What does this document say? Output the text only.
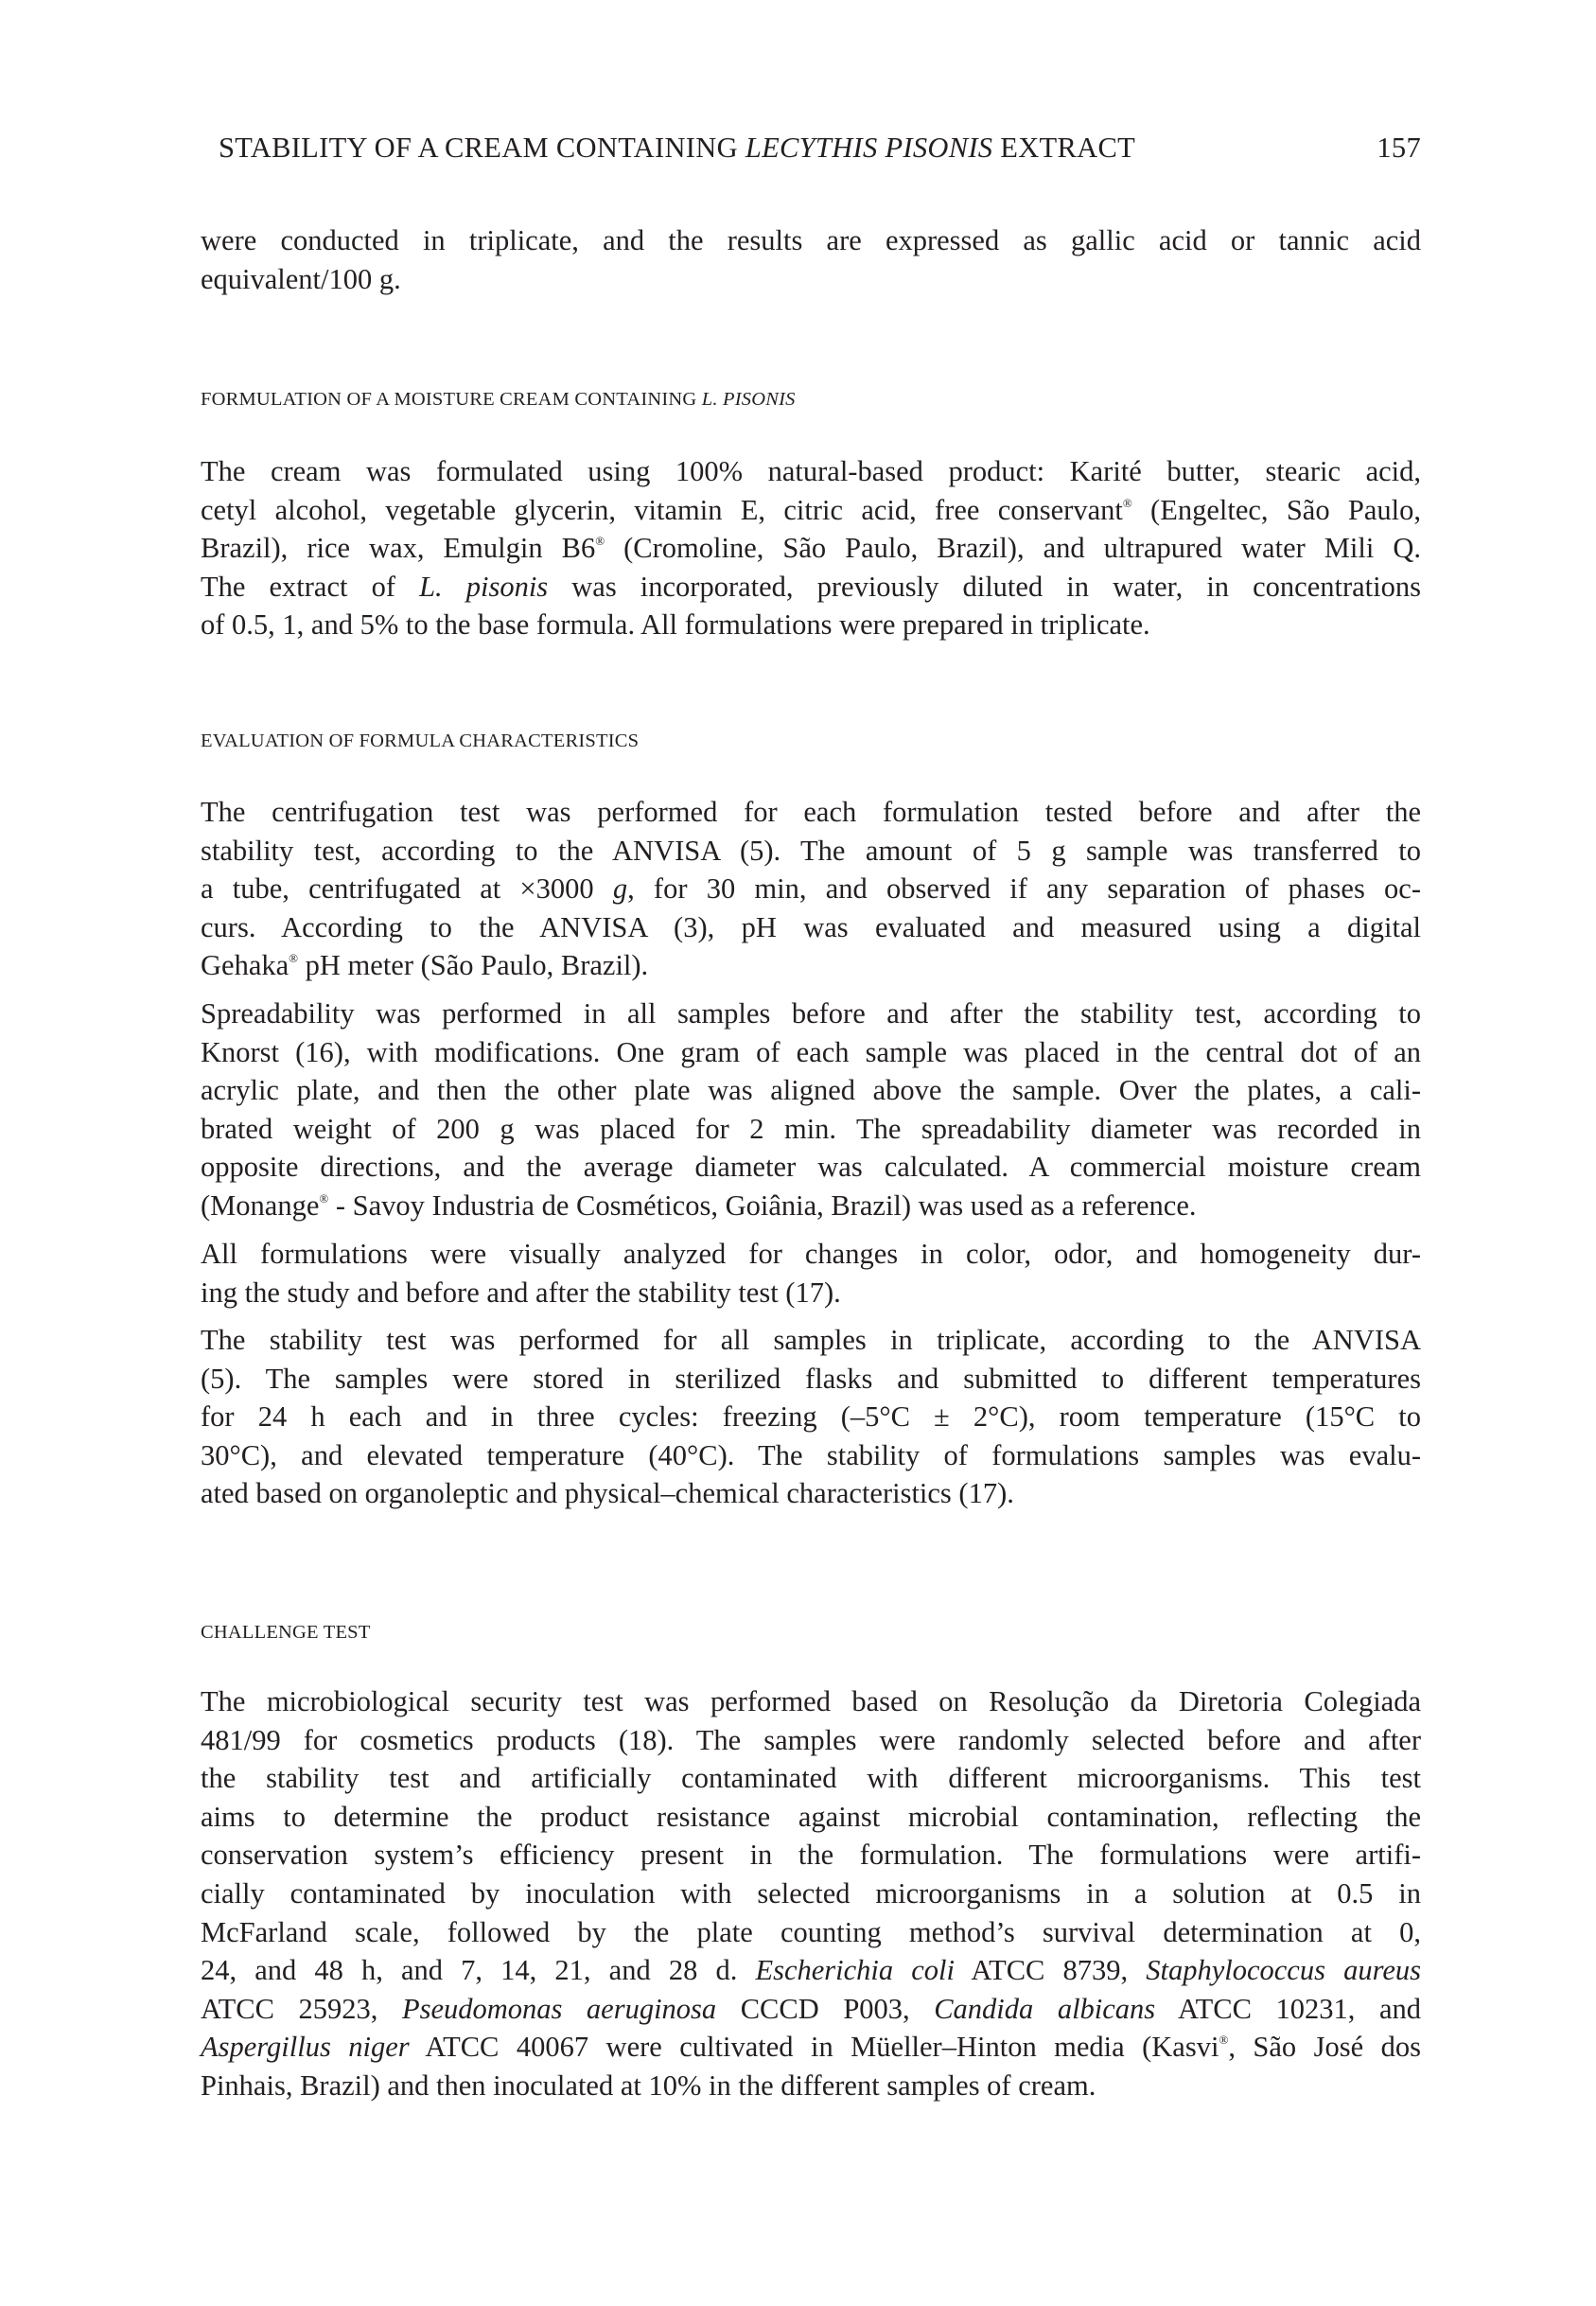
STABILITY OF A CREAM CONTAINING LECYTHIS PISONIS EXTRACT	157
were conducted in triplicate, and the results are expressed as gallic acid or tannic acid
equivalent/100 g.
FORMULATION OF A MOISTURE CREAM CONTAINING L. PISONIS
The cream was formulated using 100% natural-based product: Karité butter, stearic acid,
cetyl alcohol, vegetable glycerin, vitamin E, citric acid, free conservant® (Engeltec, São Paulo,
Brazil), rice wax, Emulgin B6® (Cromoline, São Paulo, Brazil), and ultrapured water Mili Q.
The extract of L. pisonis was incorporated, previously diluted in water, in concentrations
of 0.5, 1, and 5% to the base formula. All formulations were prepared in triplicate.
EVALUATION OF FORMULA CHARACTERISTICS
The centrifugation test was performed for each formulation tested before and after the
stability test, according to the ANVISA (5). The amount of 5 g sample was transferred to
a tube, centrifugated at ×3000 g, for 30 min, and observed if any separation of phases oc-
curs. According to the ANVISA (3), pH was evaluated and measured using a digital
Gehaka® pH meter (São Paulo, Brazil).
Spreadability was performed in all samples before and after the stability test, according to
Knorst (16), with modifications. One gram of each sample was placed in the central dot of an
acrylic plate, and then the other plate was aligned above the sample. Over the plates, a cali-
brated weight of 200 g was placed for 2 min. The spreadability diameter was recorded in
opposite directions, and the average diameter was calculated. A commercial moisture cream
(Monange® - Savoy Industria de Cosméticos, Goiânia, Brazil) was used as a reference.
All formulations were visually analyzed for changes in color, odor, and homogeneity dur-
ing the study and before and after the stability test (17).
The stability test was performed for all samples in triplicate, according to the ANVISA
(5). The samples were stored in sterilized flasks and submitted to different temperatures
for 24 h each and in three cycles: freezing (–5°C ± 2°C), room temperature (15°C to
30°C), and elevated temperature (40°C). The stability of formulations samples was evalu-
ated based on organoleptic and physical–chemical characteristics (17).
CHALLENGE TEST
The microbiological security test was performed based on Resolução da Diretoria Colegiada
481/99 for cosmetics products (18). The samples were randomly selected before and after
the stability test and artificially contaminated with different microorganisms. This test
aims to determine the product resistance against microbial contamination, reflecting the
conservation system’s efficiency present in the formulation. The formulations were artifi-
cially contaminated by inoculation with selected microorganisms in a solution at 0.5 in
McFarland scale, followed by the plate counting method’s survival determination at 0,
24, and 48 h, and 7, 14, 21, and 28 d. Escherichia coli ATCC 8739, Staphylococcus aureus
ATCC 25923, Pseudomonas aeruginosa CCCD P003, Candida albicans ATCC 10231, and
Aspergillus niger ATCC 40067 were cultivated in Müeller–Hinton media (Kasvi®, São José dos
Pinhais, Brazil) and then inoculated at 10% in the different samples of cream.
